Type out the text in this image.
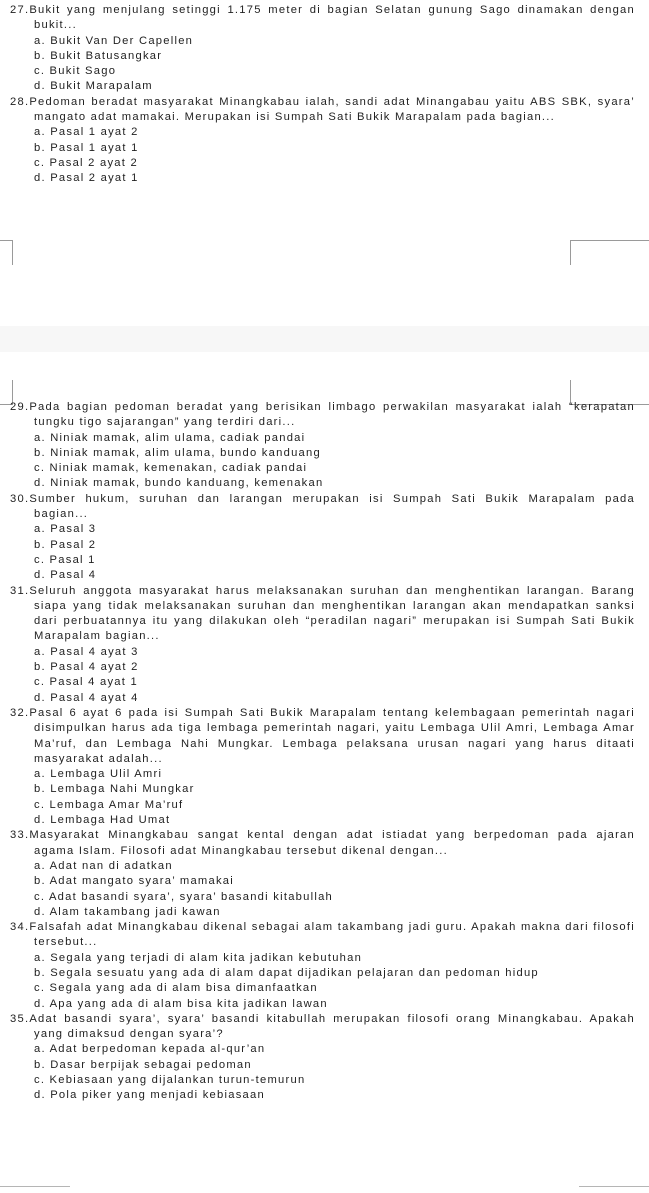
27.Bukit yang menjulang setinggi 1.175 meter di bagian Selatan gunung Sago dinamakan dengan bukit...
a. Bukit Van Der Capellen
b. Bukit Batusangkar
c. Bukit Sago
d. Bukit Marapalam
28.Pedoman beradat masyarakat Minangkabau ialah, sandi adat Minangabau yaitu ABS SBK, syara’ mangato adat mamakai. Merupakan isi Sumpah Sati Bukik Marapalam pada bagian...
a. Pasal 1 ayat 2
b. Pasal 1 ayat 1
c. Pasal 2 ayat 2
d. Pasal 2 ayat 1
29.Pada bagian pedoman beradat yang berisikan limbago perwakilan masyarakat ialah “kerapatan tungku tigo sajarangan” yang terdiri dari...
a. Niniak mamak, alim ulama, cadiak pandai
b. Niniak mamak, alim ulama, bundo kanduang
c. Niniak mamak, kemenakan, cadiak pandai
d. Niniak mamak, bundo kanduang, kemenakan
30.Sumber hukum, suruhan dan larangan merupakan isi Sumpah Sati Bukik Marapalam pada bagian...
a. Pasal 3
b. Pasal 2
c. Pasal 1
d. Pasal 4
31.Seluruh anggota masyarakat harus melaksanakan suruhan dan menghentikan larangan. Barang siapa yang tidak melaksanakan suruhan dan menghentikan larangan akan mendapatkan sanksi dari perbuatannya itu yang dilakukan oleh “peradilan nagari” merupakan isi Sumpah Sati Bukik Marapalam bagian...
a. Pasal 4 ayat 3
b. Pasal 4 ayat 2
c. Pasal 4 ayat 1
d. Pasal 4 ayat 4
32.Pasal 6 ayat 6 pada isi Sumpah Sati Bukik Marapalam tentang kelembagaan pemerintah nagari disimpulkan harus ada tiga lembaga pemerintah nagari, yaitu Lembaga Ulil Amri, Lembaga Amar Ma’ruf, dan Lembaga Nahi Mungkar. Lembaga pelaksana urusan nagari yang harus ditaati masyarakat adalah...
a. Lembaga Ulil Amri
b. Lembaga Nahi Mungkar
c. Lembaga Amar Ma’ruf
d. Lembaga Had Umat
33.Masyarakat Minangkabau sangat kental dengan adat istiadat yang berpedoman pada ajaran agama Islam. Filosofi adat Minangkabau tersebut dikenal dengan...
a. Adat nan di adatkan
b. Adat mangato syara’ mamakai
c. Adat basandi syara’, syara’ basandi kitabullah
d. Alam takambang jadi kawan
34.Falsafah adat Minangkabau dikenal sebagai alam takambang jadi guru. Apakah makna dari filosofi tersebut...
a. Segala yang terjadi di alam kita jadikan kebutuhan
b. Segala sesuatu yang ada di alam dapat dijadikan pelajaran dan pedoman hidup
c. Segala yang ada di alam bisa dimanfaatkan
d. Apa yang ada di alam bisa kita jadikan lawan
35.Adat basandi syara’, syara’ basandi kitabullah merupakan filosofi orang Minangkabau. Apakah yang dimaksud dengan syara’?
a. Adat berpedoman kepada al-qur’an
b. Dasar berpijak sebagai pedoman
c. Kebiasaan yang dijalankan turun-temurun
d. Pola piker yang menjadi kebiasaan
